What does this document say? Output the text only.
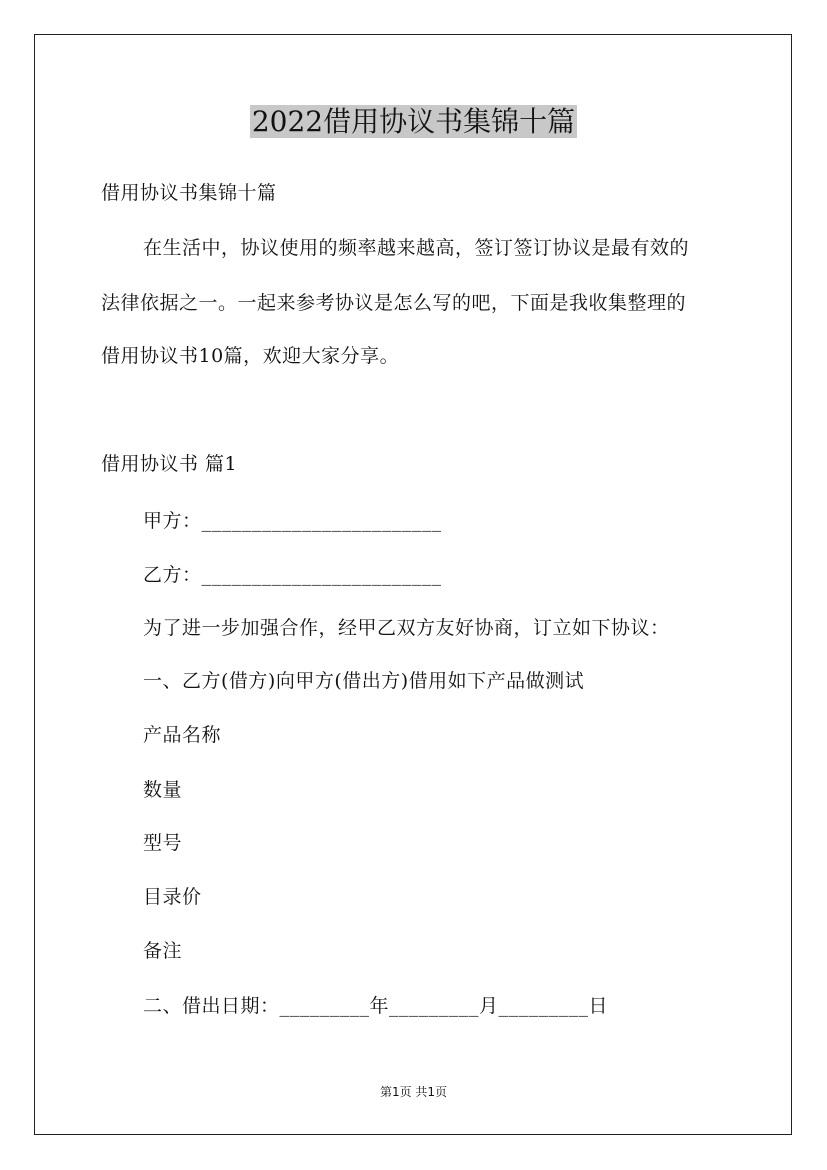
2022借用协议书集锦十篇
借用协议书集锦十篇
在生活中，协议使用的频率越来越高，签订签订协议是最有效的
法律依据之一。一起来参考协议是怎么写的吧，下面是我收集整理的
借用协议书10篇，欢迎大家分享。
借用协议书 篇1
甲方：________________________
乙方：________________________
为了进一步加强合作，经甲乙双方友好协商，订立如下协议：
一、乙方(借方)向甲方(借出方)借用如下产品做测试
产品名称
数量
型号
目录价
备注
二、借出日期：_________年_________月_________日
第1页 共1页
